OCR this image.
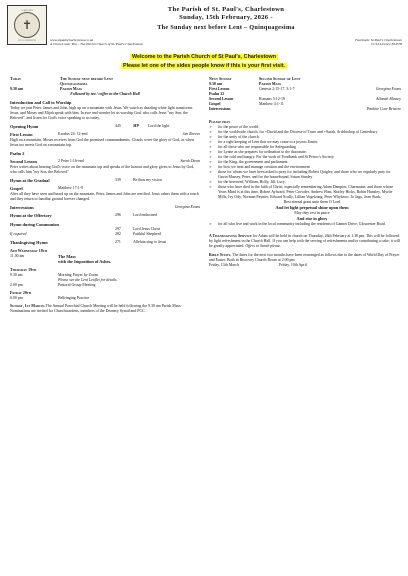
A ROCHA
✝
ECO CHURCH
The Parish of St. Paul's, Charlestown
Sunday, 15th February, 2026 -
The Sunday next before Lent – Quinquagesima
www.stpaulscharlestown.co.uk	Facebook: St Paul's Charlestown
A Church near You – The Parish Church of St. Paul's Charlestown	CCLI Licence 304578
Welcome to the Parish Church of St Paul's, Charlestown
Please let one of the sides people know if this is your first visit.
Today	The Sunday next before Lent
Quinquagesima
9.30 am	Parish Mass
Followed by tea / coffee in the Church Hall
Introduction and Call to Worship

Today we join Peter, James and John, high up on a mountain with Jesus. We watch as dazzling white light transforms Jesus, and Moses and Elijah speak with him. In awe and wonder let us worship God, who calls Jesus "my Son, the Beloved", and listen for God's voice speaking to us today.

Opening Hymn	445	MP	Lord the light
First Lesson	Exodus 24: 12-end	Jan Reeves

High on a mountain, Moses receives from God the promised commandments. Clouds cover the glory of God, as when Jesus too meets God on a mountain top.

Psalm 2
Second Lesson	2 Peter 1:16-end	Sarah Dawn

Peter writes about hearing God's voice on the mountain top and speaks of the honour and glory given to Jesus by God, who calls him "my Son, the Beloved".

Hymn at the Gradual	339	Be thou my vision
Gospel	Matthew 17:1-9

After all they have seen and heard up on the mountain, Peter, James and John are terrified. Jesus calms them with a touch and they return to familiar ground forever changed.

Intercessions	Georgina Evans
Hymn at the Offertory	296	Lord enthroned
Hymn during Communion
297	Lord Jesus Christ
If required	282	Faithful Shepherd
Thanksgiving Hymn	271	Alleluia sing to Jesus
Ash Wednesday 18th
11.00 am	The Mass
with the Imposition of Ashes.
Thursday 19th
9.30 am	Morning Prayer by Zoom
Please see the Lent Leaflet for details.
2.00 pm	Pastoral Group Meeting
Friday 20th
6.00 pm	Bellringing Practice

Sunday, 1st March. The Annual Parochial Church Meeting will be held following the 9.30 am Parish Mass. Nominations are invited for Churchwardens, members of the Deanery Synod and PCC.

Next Sunday	Second Sunday of Lent
9.30 am	Parish Mass
First Lesson	Genesis 2:15-17, 3:1-7	Georgina Evans
Psalm 32
Second Lesson	Romans 5:12-19	Allanah Massey
Gospel	Matthew 4:1-11
Intercessions	Pauline Coor Bristow
Please pray
➢	for the peace of the world.
➢	for the worldwide church, for +David and the Diocese of Truro and +Sarah, Archbishop of Canterbury
➢	for the unity of the church.
➢	for a right keeping of Lent that we may come to a joyous Easter.
➢	for all those who are responsible for Safeguarding
➢	for Lynne as she prepares for ordination to the diaconate.
➢	for the cold and hungry. For the work of Foodbank and St Petroc's Society.
➢	for the King, the government and parliament.
➢	for how we treat and manage creation and the environment
➢	those for whom we have been asked to pray for including Robert Quigley, and those who we regularly pray for Gavin Massey, Peter, and for the housebound, Susan Stanley
➢	for the bereaved, William, Holly, Jill, Lucy,
➢	those who have died in the faith of Christ, especially remembering Adam Dampier, Charmaine, and those whose Years Mind is at this time, Robert Aylward, Peter Crowder, Andrew Flint, Shirley Hicks, Robin Hunsley, Myrtle Mills, Ivy Ody, Norman Paynter, Edward Scully, Lillian Vogelzang, Peter Whybrow, Jo Jago, Jean Stark.
Rest eternal grant unto them O Lord
And let light perpetual shine upon them
May they rest in peace
And rise in glory
➢	for all who live and work in the local community including the residents of Gannet Drive, Gloucester Road.

A Thanksgiving Service for Adam will be held in church on Thursday, 26th February at 1.30 pm. This will be followed by light refreshment in the Church Hall. If you can help with the serving of refreshments and/or contributing a cake, it will be greatly appreciated. Offers to Sarah please.

Bible Study. The dates for the next two months have been rearranged as follows due to the dates of World Day of Prayer and Easter. Both in Biscovey Church Room at 2.00 pm

Friday, 13th March	Friday, 10th April
